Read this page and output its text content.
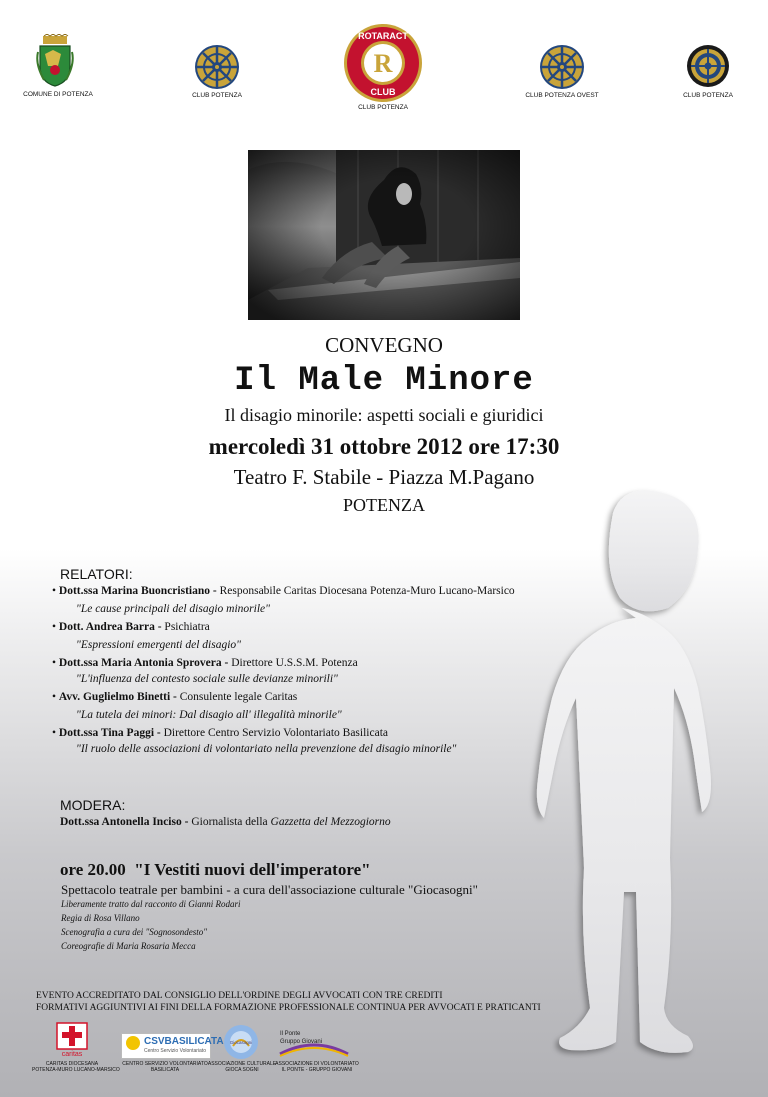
COMUNE DI POTENZA	CLUB POTENZA
R
ROTARACT
CLUB
CLUB POTENZA
CLUB POTENZA OVEST	CLUB POTENZA
CONVEGNO
Il Male Minore
Il disagio minorile: aspetti sociali e giuridici
mercoledì 31 ottobre 2012 ore 17:30
Teatro F. Stabile - Piazza M.Pagano
POTENZA
RELATORI:
• Dott.ssa Marina Buoncristiano - Responsabile Caritas Diocesana Potenza-Muro Lucano-Marsico
"Le cause principali del disagio minorile"
• Dott. Andrea Barra - Psichiatra
"Espressioni emergenti del disagio"
• Dott.ssa Maria Antonia Sprovera - Direttore U.S.S.M. Potenza
"L'influenza del contesto sociale sulle devianze minorili"
• Avv. Guglielmo Binetti - Consulente legale Caritas
"La tutela dei minori: Dal disagio all' illegalità minorile"
• Dott.ssa Tina Paggi - Direttore Centro Servizio Volontariato Basilicata
"Il ruolo delle associazioni di volontariato nella prevenzione del disagio minorile"
MODERA:
Dott.ssa Antonella Inciso - Giornalista della Gazzetta del Mezzogiorno
ore 20.00 "I Vestiti nuovi dell'imperatore"
Spettacolo teatrale per bambini - a cura dell'associazione culturale "Giocasogni"
Liberamente tratto dal racconto di Gianni Rodari
Regia di Rosa Villano
Scenografia a cura dei "Sognosondesto"
Coreografie di Maria Rosaria Mecca
EVENTO ACCREDITATO DAL CONSIGLIO DELL'ORDINE DEGLI AVVOCATI CON TRE CREDITI
FORMATIVI AGGIUNTIVI AI FINI DELLA FORMAZIONE PROFESSIONALE CONTINUA PER AVVOCATI E PRATICANTI
caritas
CARITAS DIOCESANA
POTENZA-MURO LUCANO-MARSICO
CSVBASILICATA
Centro Servizio Volontariato
CENTRO SERVIZIO VOLONTARIATO
BASILICATA
Giocasogni
ASSOCIAZIONE CULTURALE
GIOCA SOGNI
Il Ponte
Gruppo Giovani
ASSOCIAZIONE DI VOLONTARIATO
IL PONTE - GRUPPO GIOVANI
